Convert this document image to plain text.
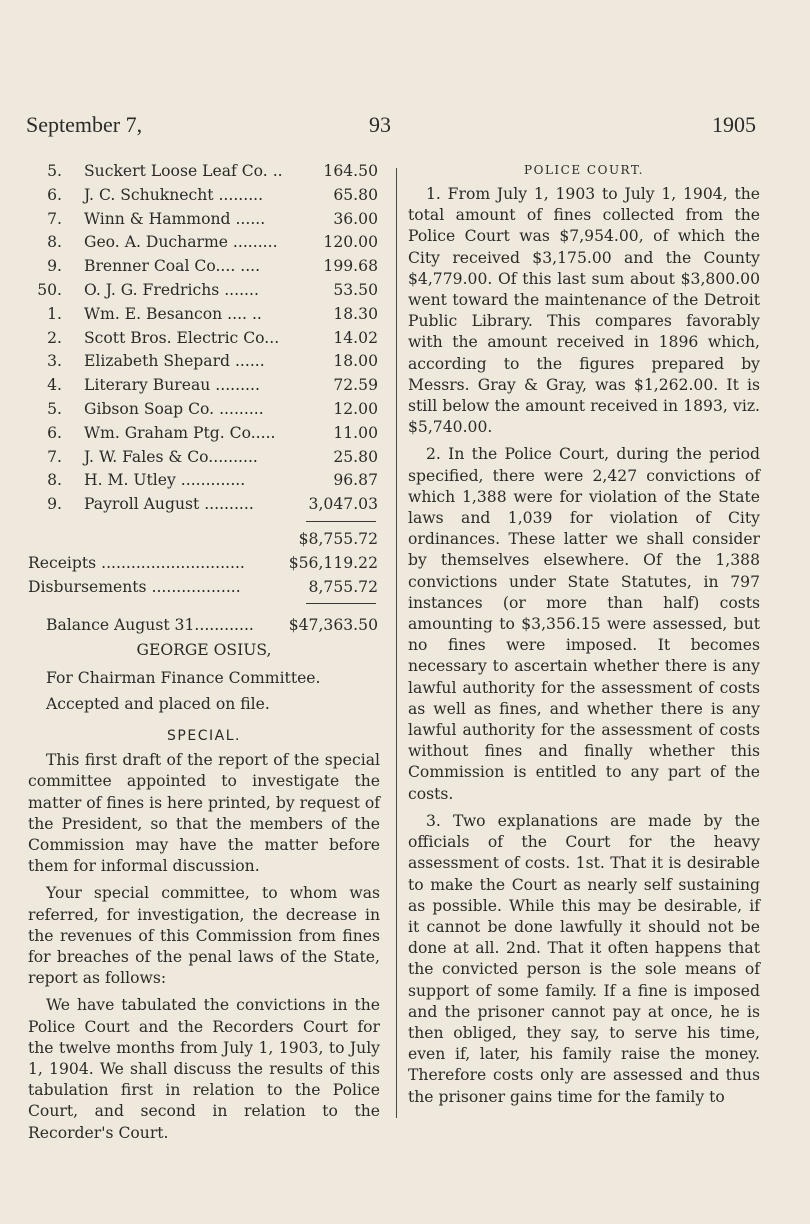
September 7,	93	1905
5. Suckert Loose Leaf Co. ..	164.50
6. J. C. Schuknecht .........	65.80
7. Winn & Hammond ......	36.00
8. Geo. A. Ducharme .........	120.00
9. Brenner Coal Co.... ....	199.68
50. O. J. G. Fredrichs .......	53.50
1. Wm. E. Besancon .... ..	18.30
2. Scott Bros. Electric Co...	14.02
3. Elizabeth Shepard ......	18.00
4. Literary Bureau .........	72.59
5. Gibson Soap Co. .........	12.00
6. Wm. Graham Ptg. Co.....	11.00
7. J. W. Fales & Co..........	25.80
8. H. M. Utley .............	96.87
9. Payroll August ..........	3,047.03
$8,755.72
Receipts .............................	$56,119.22
Disbursements ..................	8,755.72
Balance August 31............ $47,363.50
GEORGE OSIUS,
For Chairman Finance Committee.
Accepted and placed on file.
SPECIAL.

This first draft of the report of the special committee appointed to investigate the matter of fines is here printed, by request of the President, so that the members of the Commission may have the matter before them for informal discussion.

Your special committee, to whom was referred, for investigation, the decrease in the revenues of this Commission from fines for breaches of the penal laws of the State, report as follows:

We have tabulated the convictions in the Police Court and the Recorders Court for the twelve months from July 1, 1903, to July 1, 1904. We shall discuss the results of this tabulation first in relation to the Police Court, and second in relation to the Recorder's Court.

POLICE COURT.

1. From July 1, 1903 to July 1, 1904, the total amount of fines collected from the Police Court was $7,954.00, of which the City received $3,175.00 and the County $4,779.00. Of this last sum about $3,800.00 went toward the maintenance of the Detroit Public Library. This compares favorably with the amount received in 1896 which, according to the figures prepared by Messrs. Gray & Gray, was $1,262.00. It is still below the amount received in 1893, viz. $5,740.00.

2. In the Police Court, during the period specified, there were 2,427 convictions of which 1,388 were for violation of the State laws and 1,039 for violation of City ordinances. These latter we shall consider by themselves elsewhere. Of the 1,388 convictions under State Statutes, in 797 instances (or more than half) costs amounting to $3,356.15 were assessed, but no fines were imposed. It becomes necessary to ascertain whether there is any lawful authority for the assessment of costs as well as fines, and whether there is any lawful authority for the assessment of costs without fines and finally whether this Commission is entitled to any part of the costs.

3. Two explanations are made by the officials of the Court for the heavy assessment of costs. 1st. That it is desirable to make the Court as nearly self sustaining as possible. While this may be desirable, if it cannot be done lawfully it should not be done at all. 2nd. That it often happens that the convicted person is the sole means of support of some family. If a fine is imposed and the prisoner cannot pay at once, he is then obliged, they say, to serve his time, even if, later, his family raise the money. Therefore costs only are assessed and thus the prisoner gains time for the family to
